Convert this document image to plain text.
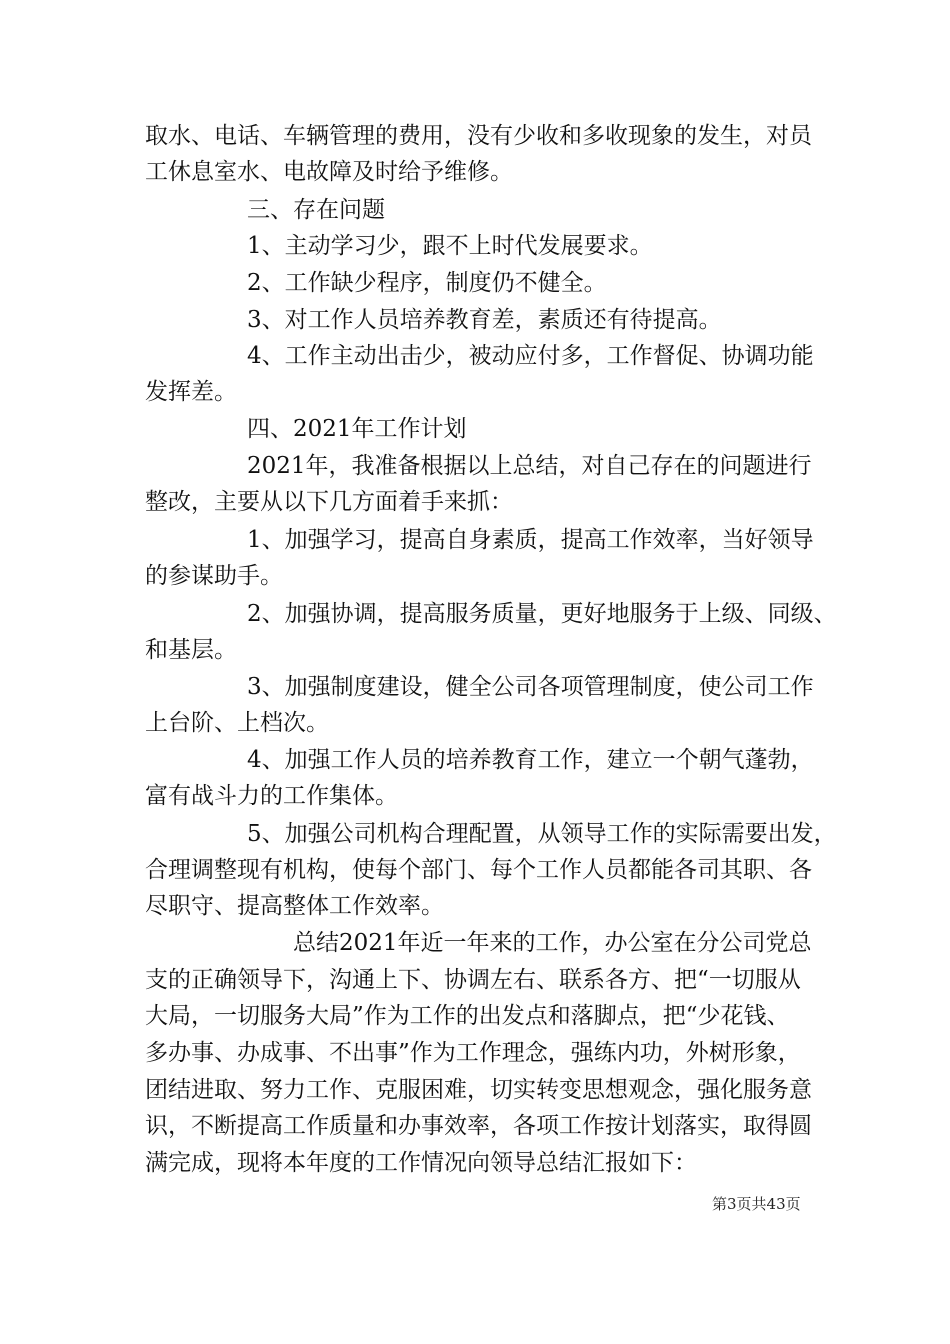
取水、电话、车辆管理的费用，没有少收和多收现象的发生，对员
工休息室水、电故障及时给予维修。
三、存在问题
1、主动学习少，跟不上时代发展要求。
2、工作缺少程序，制度仍不健全。
3、对工作人员培养教育差，素质还有待提高。
4、工作主动出击少，被动应付多，工作督促、协调功能
发挥差。
四、2021年工作计划
2021年，我准备根据以上总结，对自己存在的问题进行
整改，主要从以下几方面着手来抓：
1、加强学习，提高自身素质，提高工作效率，当好领导
的参谋助手。
2、加强协调，提高服务质量，更好地服务于上级、同级、
和基层。
3、加强制度建设，健全公司各项管理制度，使公司工作
上台阶、上档次。
4、加强工作人员的培养教育工作，建立一个朝气蓬勃，
富有战斗力的工作集体。
5、加强公司机构合理配置，从领导工作的实际需要出发，
合理调整现有机构，使每个部门、每个工作人员都能各司其职、各
尽职守、提高整体工作效率。
总结2021年近一年来的工作，办公室在分公司党总
支的正确领导下，沟通上下、协调左右、联系各方、把“一切服从
大局，一切服务大局”作为工作的出发点和落脚点，把“少花钱、
多办事、办成事、不出事”作为工作理念，强练内功，外树形象，
团结进取、努力工作、克服困难，切实转变思想观念，强化服务意
识，不断提高工作质量和办事效率，各项工作按计划落实，取得圆
满完成，现将本年度的工作情况向领导总结汇报如下：
第3页共43页
